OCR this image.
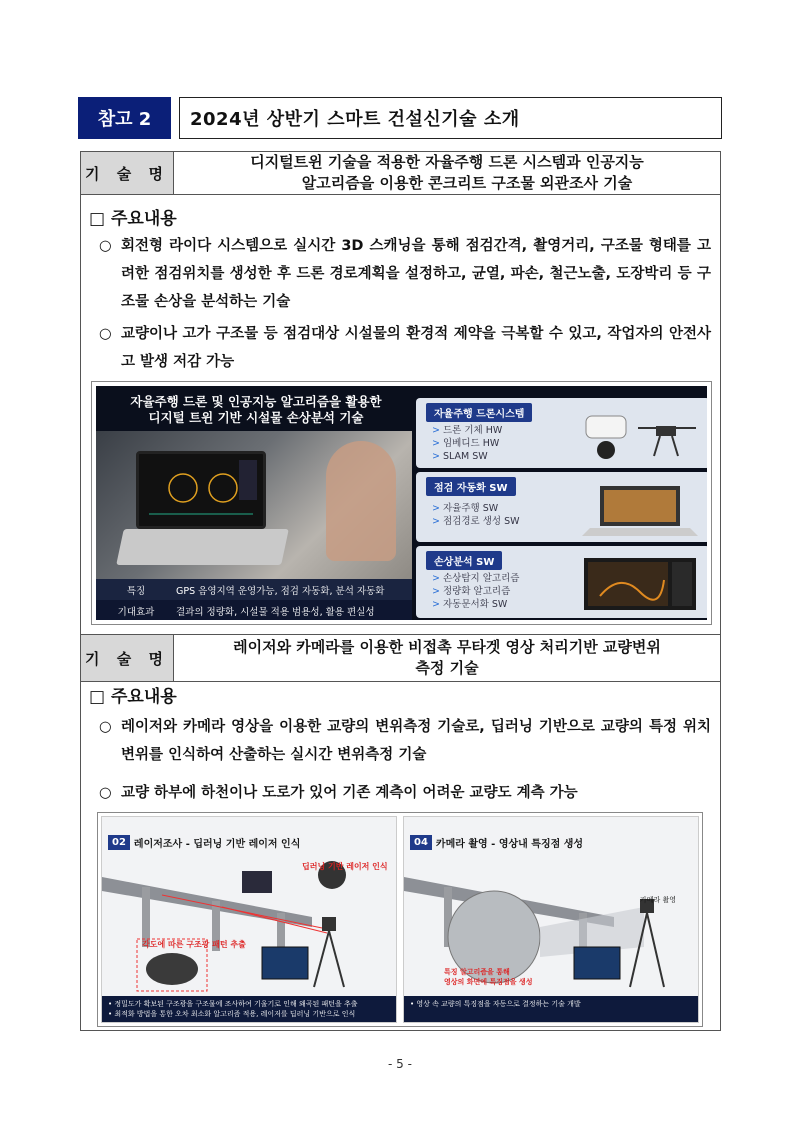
참고 2	2024년 상반기 스마트 건설신기술 소개
기 술 명
디지털트윈 기술을 적용한 자율주행 드론 시스템과 인공지능
알고리즘을 이용한 콘크리트 구조물 외관조사 기술
□ 주요내용
○ 회전형 라이다 시스템으로 실시간 3D 스캐닝을 통해 점검간격, 촬영거리, 구조물 형태를 고려한 점검위치를 생성한 후 드론 경로계획을 설정하고, 균열, 파손, 철근노출, 도장박리 등 구조물 손상을 분석하는 기술
○ 교량이나 고가 구조물 등 점검대상 시설물의 환경적 제약을 극복할 수 있고, 작업자의 안전사고 발생 저감 가능
자율주행 드론 및 인공지능 알고리즘을 활용한
디지털 트윈 기반 시설물 손상분석 기술
특징	GPS 음영지역 운영가능, 점검 자동화, 분석 자동화
기대효과	결과의 정량화, 시설물 적용 범용성, 활용 편실성
자율주행 드론시스템
> 드론 기체 HW
> 임베디드 HW
> SLAM SW
점검 자동화 SW
> 자율주행 SW
> 점검경로 생성 SW
손상분석 SW
> 손상탐지 알고리즘
> 정량화 알고리즘
> 자동문서화 SW
기 술 명
레이저와 카메라를 이용한 비접촉 무타겟 영상 처리기반 교량변위
측정 기술
□ 주요내용
○ 레이저와 카메라 영상을 이용한 교량의 변위측정 기술로, 딥러닝 기반으로 교량의 특정 위치 변위를 인식하여 산출하는 실시간 변위측정 기술
○ 교량 하부에 하천이나 도로가 있어 기존 계측이 어려운 교량도 계측 가능
02 레이저조사 - 딥러닝 기반 레이저 인식
딥러닝 기반 레이저 인식
각도에 따른 구조광 패턴 추출
• 정밀도가 확보된 구조광을 구조물에 조사하여 기울기로 인해 왜곡된 패턴을 추출
• 최적화 방법을 통한 오차 최소화 알고리즘 적용, 레이저를 딥러닝 기반으로 인식
04 카메라 촬영 - 영상내 특징점 생성
카메라 촬영
특징 알고리즘을 통해
영상의 화면에 특징점을 생성
• 영상 속 교량의 특징점을 자동으로 결정하는 기술 개발
- 5 -
